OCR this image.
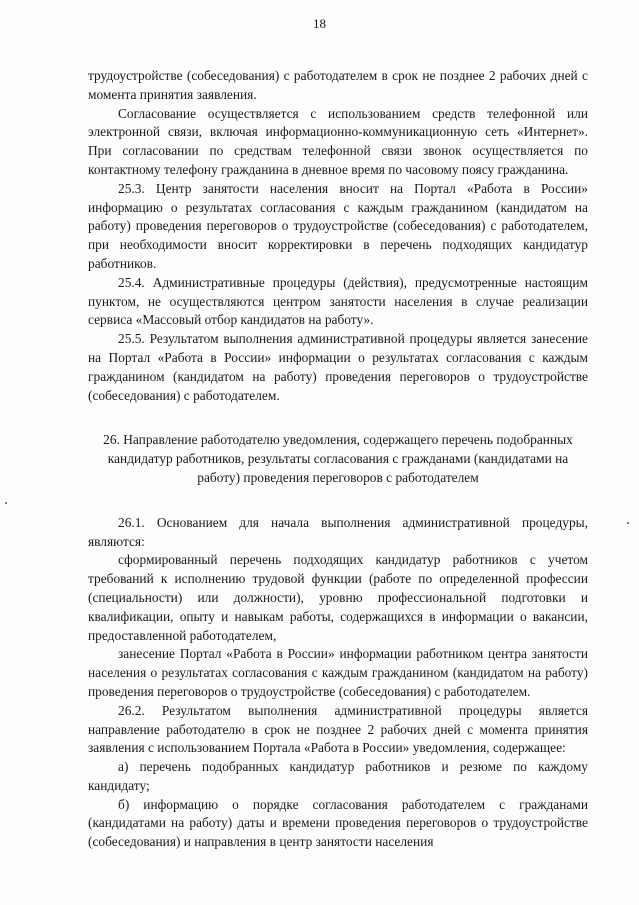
18

трудоустройстве (собеседования) с работодателем в срок не позднее 2 рабочих дней с момента принятия заявления.

Согласование осуществляется с использованием средств телефонной или электронной связи, включая информационно-коммуникационную сеть «Интернет». При согласовании по средствам телефонной связи звонок осуществляется по контактному телефону гражданина в дневное время по часовому поясу гражданина.

25.3. Центр занятости населения вносит на Портал «Работа в России» информацию о результатах согласования с каждым гражданином (кандидатом на работу) проведения переговоров о трудоустройстве (собеседования) с работодателем, при необходимости вносит корректировки в перечень подходящих кандидатур работников.

25.4. Административные процедуры (действия), предусмотренные настоящим пунктом, не осуществляются центром занятости населения в случае реализации сервиса «Массовый отбор кандидатов на работу».

25.5. Результатом выполнения административной процедуры является занесение на Портал «Работа в России» информации о результатах согласования с каждым гражданином (кандидатом на работу) проведения переговоров о трудоустройстве (собеседования) с работодателем.

26. Направление работодателю уведомления, содержащего перечень подобранных кандидатур работников, результаты согласования с гражданами (кандидатами на работу) проведения переговоров с работодателем

26.1. Основанием для начала выполнения административной процедуры, являются:

сформированный перечень подходящих кандидатур работников с учетом требований к исполнению трудовой функции (работе по определенной профессии (специальности) или должности), уровню профессиональной подготовки и квалификации, опыту и навыкам работы, содержащихся в информации о вакансии, предоставленной работодателем,

занесение Портал «Работа в России» информации работником центра занятости населения о результатах согласования с каждым гражданином (кандидатом на работу) проведения переговоров о трудоустройстве (собеседования) с работодателем.

26.2. Результатом выполнения административной процедуры является направление работодателю в срок не позднее 2 рабочих дней с момента принятия заявления с использованием Портала «Работа в России» уведомления, содержащее:

а) перечень подобранных кандидатур работников и резюме по каждому кандидату;

б) информацию о порядке согласования работодателем с гражданами (кандидатами на работу) даты и времени проведения переговоров о трудоустройстве (собеседования) и направления в центр занятости населения
